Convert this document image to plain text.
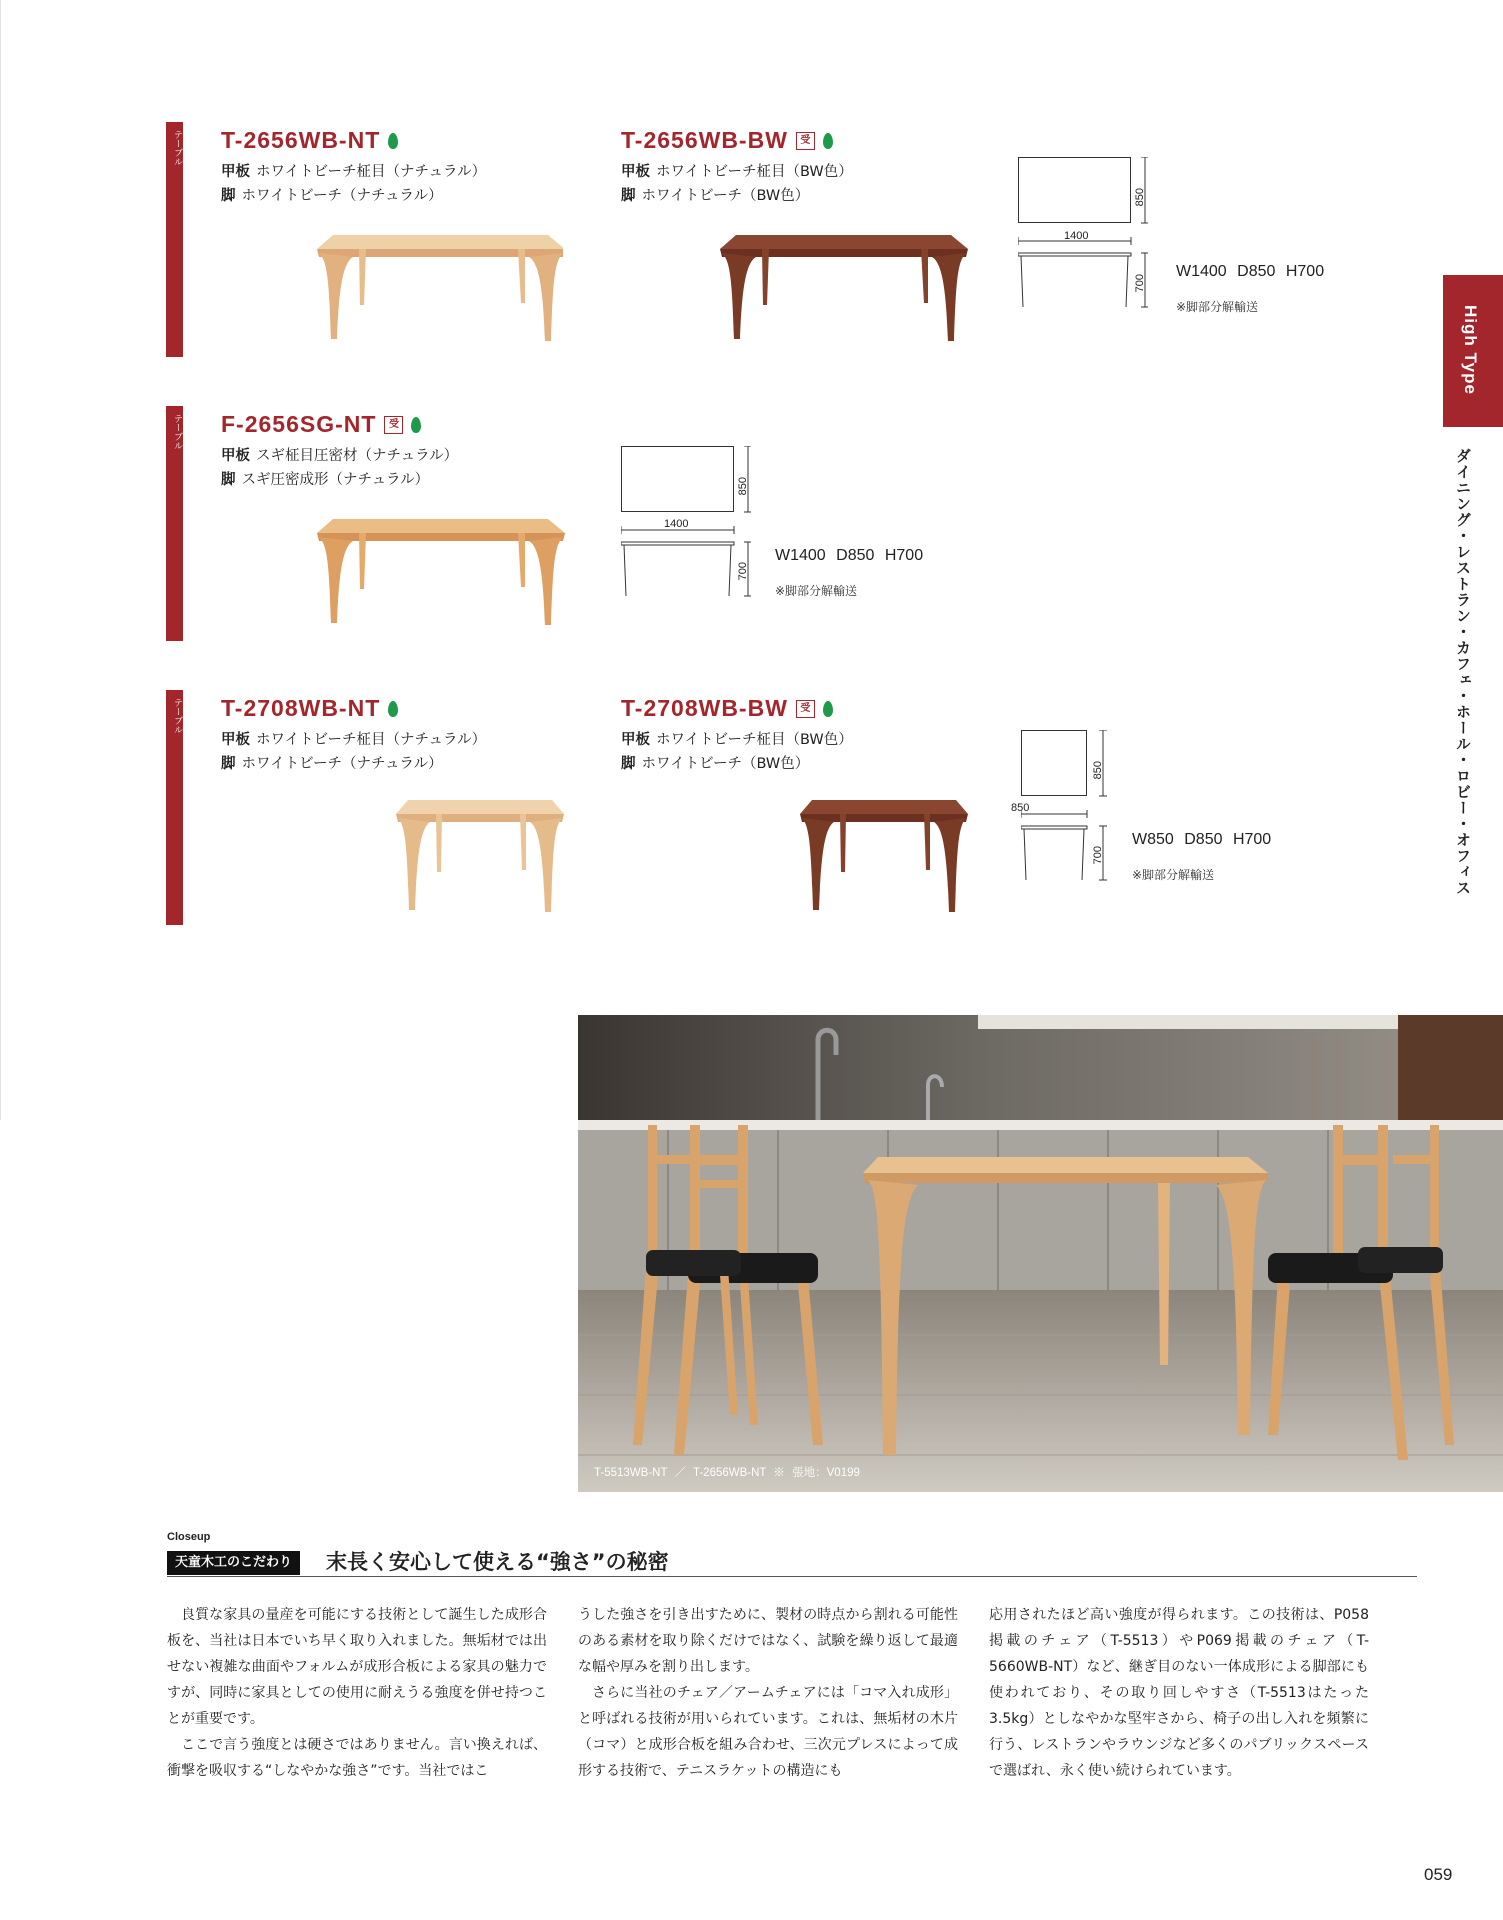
テーブル T-2656WB-NT
甲板 ホワイトビーチ柾目（ナチュラル）
脚 ホワイトビーチ（ナチュラル）
T-2656WB-BW	受
甲板 ホワイトビーチ柾目（BW色）
脚 ホワイトビーチ（BW色）	850
1400
700
W1400 D850 H700
※脚部分解輸送
テーブル F-2656SG-NT	受
甲板 スギ柾目圧密材（ナチュラル）
脚 スギ圧密成形（ナチュラル）	850
1400
700
W1400 D850 H700
※脚部分解輸送
テーブル T-2708WB-NT
甲板 ホワイトビーチ柾目（ナチュラル）
脚 ホワイトビーチ（ナチュラル）
T-2708WB-BW	受
甲板 ホワイトビーチ柾目（BW色）
脚 ホワイトビーチ（BW色）	850
850
700
W850 D850 H700
※脚部分解輸送
High Type
ダイニング・レストラン・カフェ・ホール・ロビー・オフィス
T-5513WB-NT ／ T-2656WB-NT ※ 張地：V0199
Closeup
天童木工のこだわり	末長く安心して使える“強さ”の秘密

良質な家具の量産を可能にする技術として誕生した成形合板を、当社は日本でいち早く取り入れました。無垢材では出せない複雑な曲面やフォルムが成形合板による家具の魅力ですが、同時に家具としての使用に耐えうる強度を併せ持つことが重要です。

ここで言う強度とは硬さではありません。言い換えれば、衝撃を吸収する“しなやかな強さ”です。当社ではこ

うした強さを引き出すために、製材の時点から割れる可能性のある素材を取り除くだけではなく、試験を繰り返して最適な幅や厚みを割り出します。

さらに当社のチェア／アームチェアには「コマ入れ成形」と呼ばれる技術が用いられています。これは、無垢材の木片（コマ）と成形合板を組み合わせ、三次元プレスによって成形する技術で、テニスラケットの構造にも

応用されたほど高い強度が得られます。この技術は、P058掲載のチェア（T-5513）やP069掲載のチェア（T-5660WB-NT）など、継ぎ目のない一体成形による脚部にも使われており、その取り回しやすさ（T-5513はたった3.5kg）としなやかな堅牢さから、椅子の出し入れを頻繁に行う、レストランやラウンジなど多くのパブリックスペースで選ばれ、永く使い続けられています。

059
